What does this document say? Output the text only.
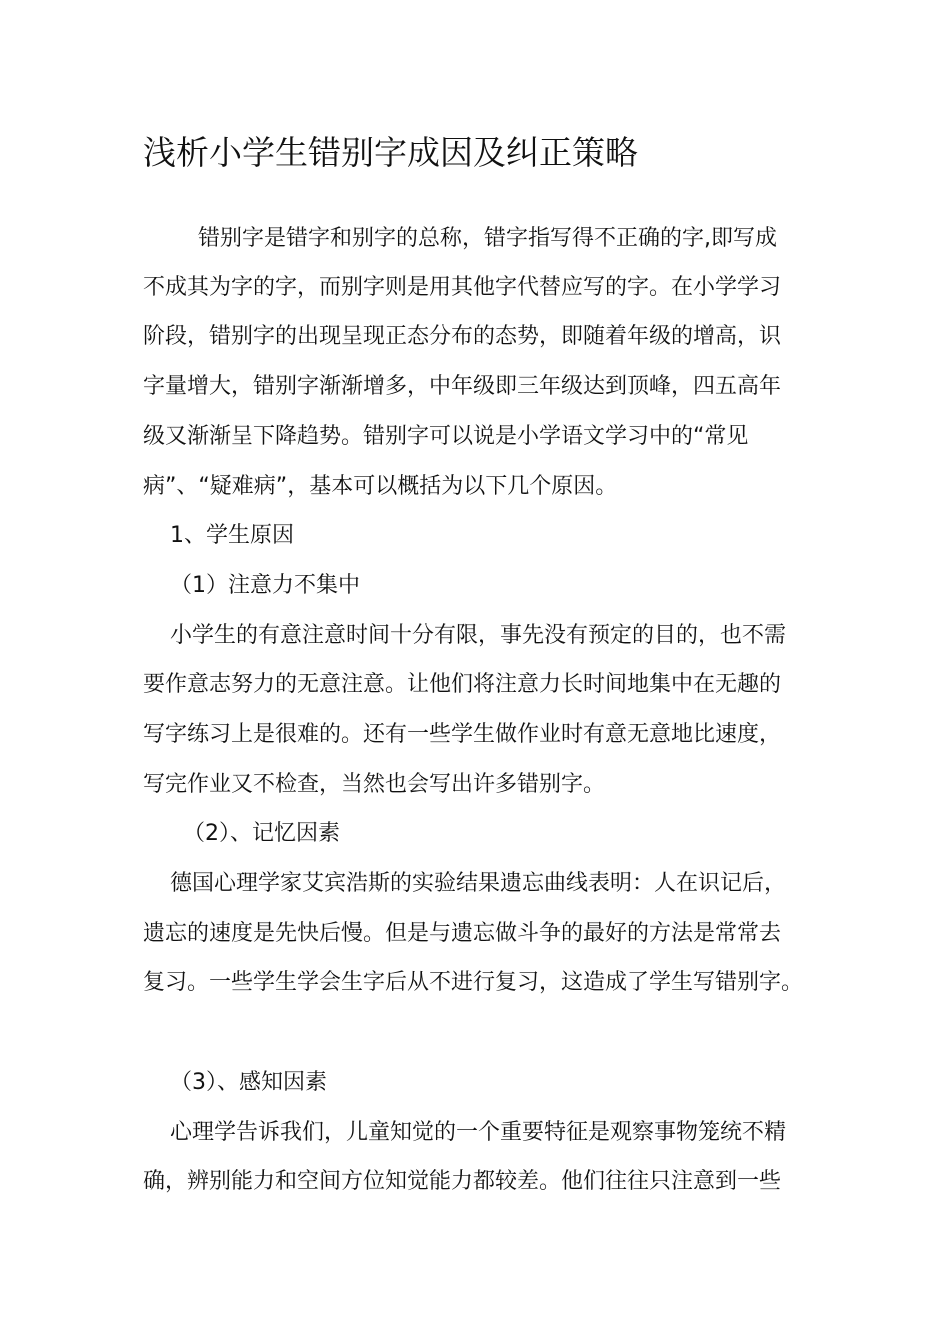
浅析小学生错别字成因及纠正策略

错别字是错字和别字的总称，错字指写得不正确的字,即写成

不成其为字的字，而别字则是用其他字代替应写的字。在小学学习

阶段，错别字的出现呈现正态分布的态势，即随着年级的增高，识

字量增大，错别字渐渐增多，中年级即三年级达到顶峰，四五高年

级又渐渐呈下降趋势。错别字可以说是小学语文学习中的“常见

病”、“疑难病”，基本可以概括为以下几个原因。

1、学生原因

（1）注意力不集中

小学生的有意注意时间十分有限，事先没有预定的目的，也不需

要作意志努力的无意注意。让他们将注意力长时间地集中在无趣的

写字练习上是很难的。还有一些学生做作业时有意无意地比速度，

写完作业又不检查，当然也会写出许多错别字。

（2）、记忆因素

德国心理学家艾宾浩斯的实验结果遗忘曲线表明：人在识记后，

遗忘的速度是先快后慢。但是与遗忘做斗争的最好的方法是常常去

复习。一些学生学会生字后从不进行复习，这造成了学生写错别字。

（3）、感知因素

心理学告诉我们，儿童知觉的一个重要特征是观察事物笼统不精

确，辨别能力和空间方位知觉能力都较差。他们往往只注意到一些
